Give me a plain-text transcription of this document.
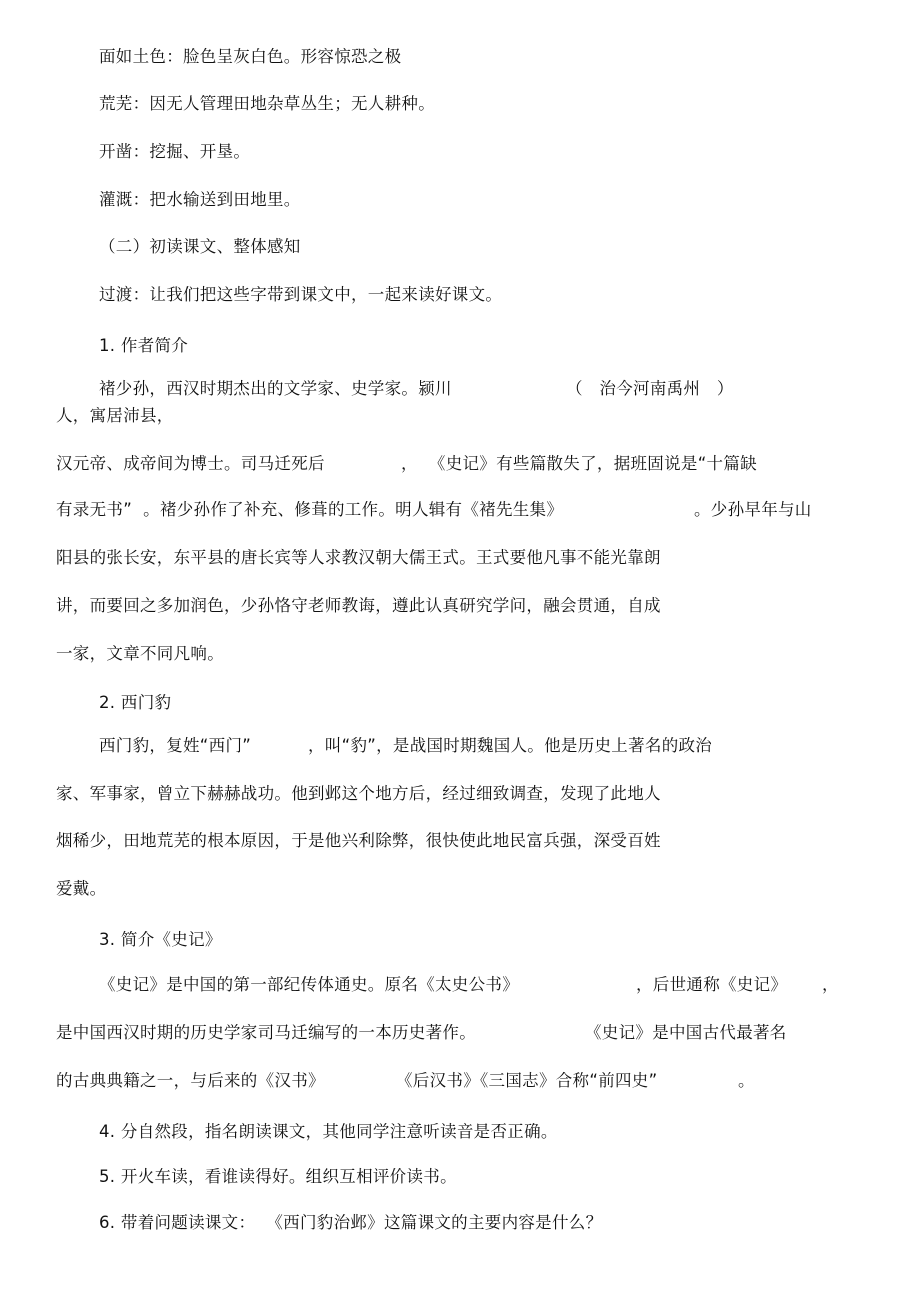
面如土色：脸色呈灰白色。形容惊恐之极
荒芜：因无人管理田地杂草丛生；无人耕种。
开凿：挖掘、开垦。
灌溉：把水输送到田地里。
（二）初读课文、整体感知
过渡：让我们把这些字带到课文中，一起来读好课文。
1. 作者简介
褚少孙，西汉时期杰出的文学家、史学家。颍川	（   治今河南禹州   ）
人，寓居沛县，
汉元帝、成帝间为博士。司马迁死后	，  《史记》有些篇散失了，据班固说是“十篇缺
有录无书”  。褚少孙作了补充、修葺的工作。明人辑有《褚先生集》	。少孙早年与山
阳县的张长安，东平县的唐长宾等人求教汉朝大儒王式。王式要他凡事不能光靠朗
讲，而要回之多加润色，少孙恪守老师教诲，遵此认真研究学问，融会贯通，自成
一家，文章不同凡响。
2. 西门豹
西门豹，复姓“西门”	，叫“豹”，是战国时期魏国人。他是历史上著名的政治
家、军事家，曾立下赫赫战功。他到邺这个地方后，经过细致调查，发现了此地人
烟稀少，田地荒芜的根本原因，于是他兴利除弊，很快使此地民富兵强，深受百姓
爱戴。
3. 简介《史记》
《史记》是中国的第一部纪传体通史。原名《太史公书》	，后世通称《史记》 ，
是中国西汉时期的历史学家司马迁编写的一本历史著作。	《史记》是中国古代最著名
的古典典籍之一，与后来的《汉书》	《后汉书》《三国志》合称“前四史”	。
4. 分自然段，指名朗读课文，其他同学注意听读音是否正确。
5. 开火车读，看谁读得好。组织互相评价读书。
6. 带着问题读课文：  《西门豹治邺》这篇课文的主要内容是什么？
